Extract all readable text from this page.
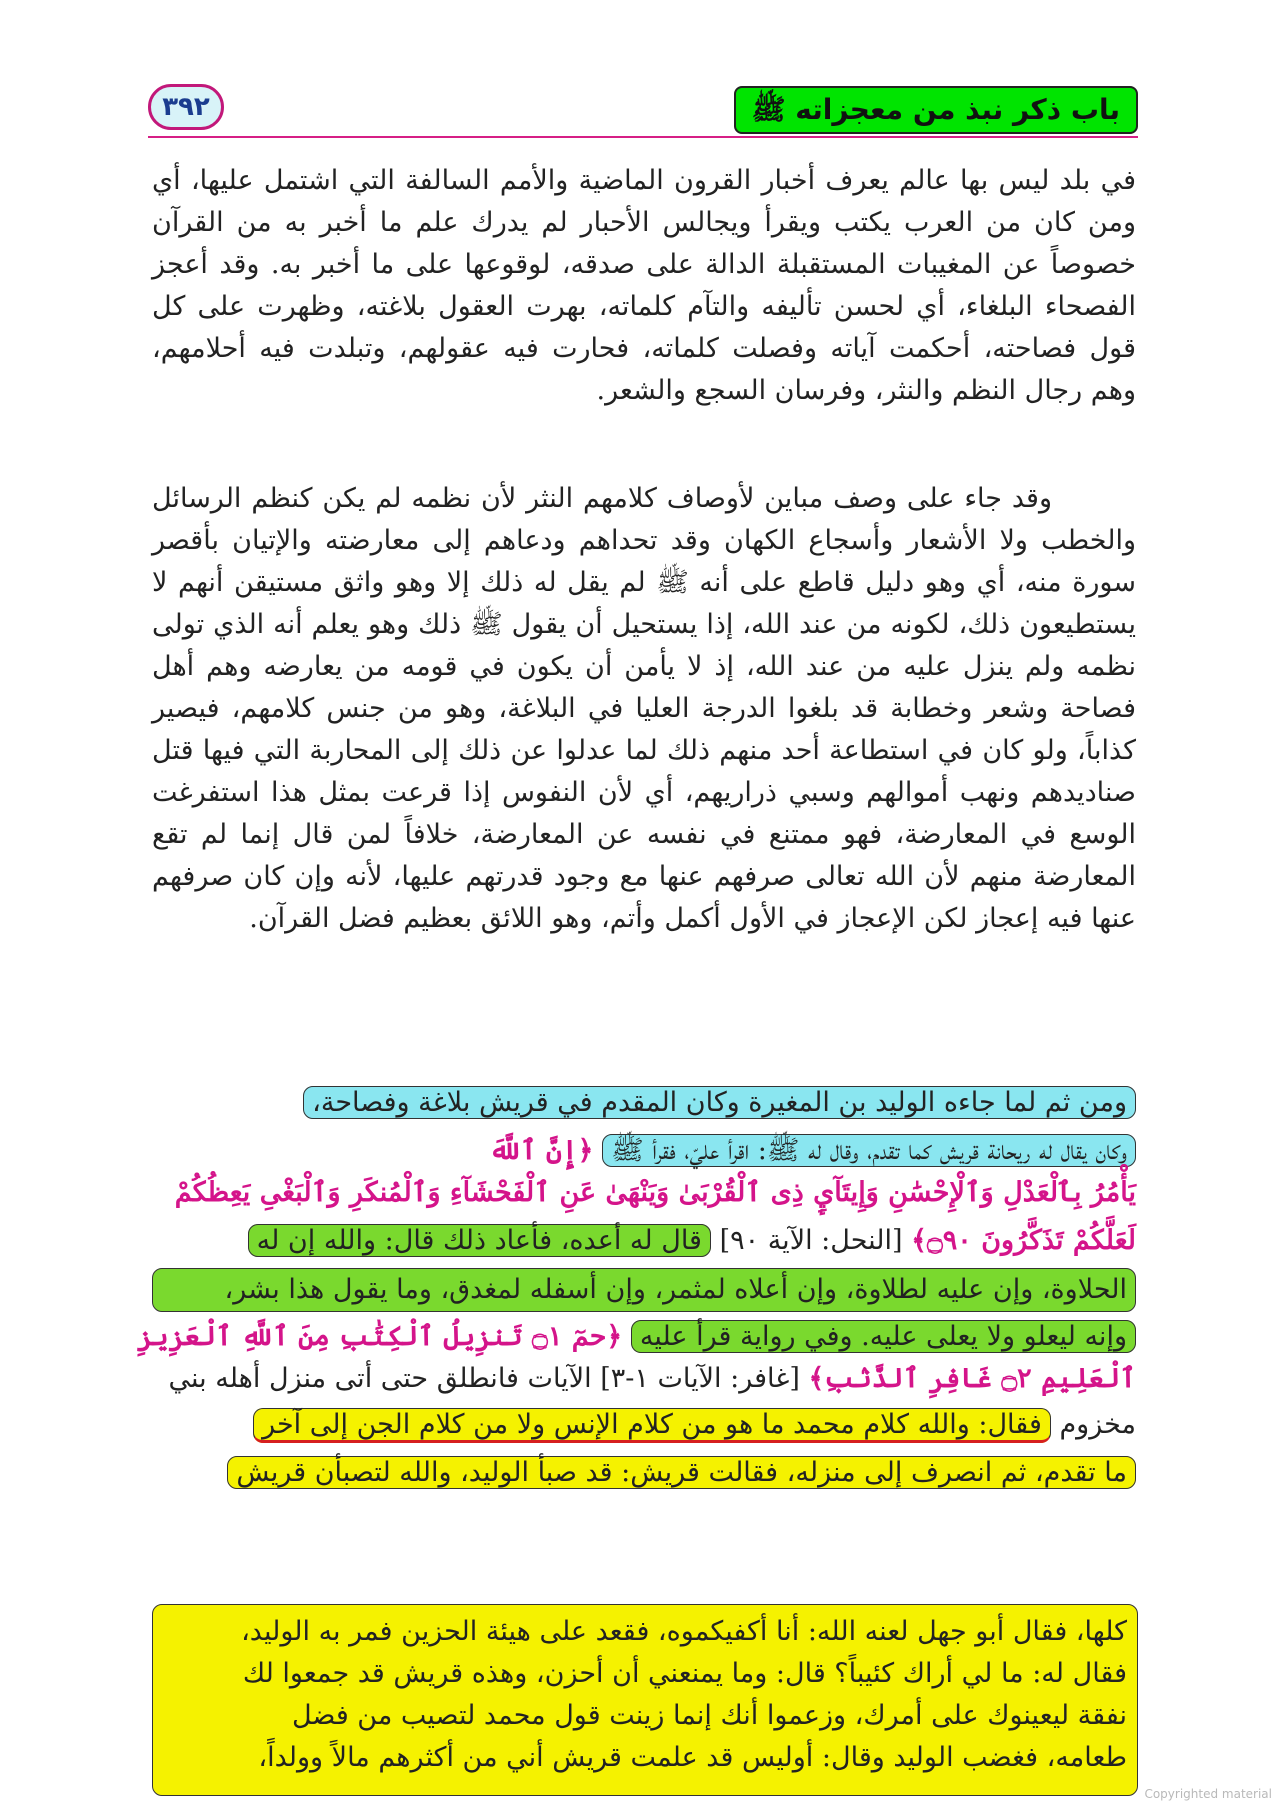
باب ذكر نبذ من معجزاته ﷺ
٣٩٢

في بلد ليس بها عالم يعرف أخبار القرون الماضية والأمم السالفة التي اشتمل عليها، أي ومن كان من العرب يكتب ويقرأ ويجالس الأحبار لم يدرك علم ما أخبر به من القرآن خصوصاً عن المغيبات المستقبلة الدالة على صدقه، لوقوعها على ما أخبر به. وقد أعجز الفصحاء البلغاء، أي لحسن تأليفه والتآم كلماته، بهرت العقول بلاغته، وظهرت على كل قول فصاحته، أحكمت آياته وفصلت كلماته، فحارت فيه عقولهم، وتبلدت فيه أحلامهم، وهم رجال النظم والنثر، وفرسان السجع والشعر.

وقد جاء على وصف مباين لأوصاف كلامهم النثر لأن نظمه لم يكن كنظم الرسائل والخطب ولا الأشعار وأسجاع الكهان وقد تحداهم ودعاهم إلى معارضته والإتيان بأقصر سورة منه، أي وهو دليل قاطع على أنه ﷺ لم يقل له ذلك إلا وهو واثق مستيقن أنهم لا يستطيعون ذلك، لكونه من عند الله، إذا يستحيل أن يقول ﷺ ذلك وهو يعلم أنه الذي تولى نظمه ولم ينزل عليه من عند الله، إذ لا يأمن أن يكون في قومه من يعارضه وهم أهل فصاحة وشعر وخطابة قد بلغوا الدرجة العليا في البلاغة، وهو من جنس كلامهم، فيصير كذاباً، ولو كان في استطاعة أحد منهم ذلك لما عدلوا عن ذلك إلى المحاربة التي فيها قتل صناديدهم ونهب أموالهم وسبي ذراريهم، أي لأن النفوس إذا قرعت بمثل هذا استفرغت الوسع في المعارضة، فهو ممتنع في نفسه عن المعارضة، خلافاً لمن قال إنما لم تقع المعارضة منهم لأن الله تعالى صرفهم عنها مع وجود قدرتهم عليها، لأنه وإن كان صرفهم عنها فيه إعجاز لكن الإعجاز في الأول أكمل وأتم، وهو اللائق بعظيم فضل القرآن.

ومن ثم لما جاءه الوليد بن المغيرة وكان المقدم في قريش بلاغة وفصاحة،
وكان يقال له ريحانة قريش كما تقدم، وقال له ﷺ: اقرأ عليّ، فقرأ ﷺ ﴿إِنَّ ٱللَّهَ
يَأْمُرُ بِٱلْعَدْلِ وَٱلْإِحْسَٰنِ وَإِيتَآيِٕ ذِى ٱلْقُرْبَىٰ وَيَنْهَىٰ عَنِ ٱلْفَحْشَآءِ وَٱلْمُنكَرِ وَٱلْبَغْىِ يَعِظُكُمْ
لَعَلَّكُمْ تَذَكَّرُونَ ۝٩٠﴾ [النحل: الآية ٩٠] قال له أعده، فأعاد ذلك قال: والله إن له
الحلاوة، وإن عليه لطلاوة، وإن أعلاه لمثمر، وإن أسفله لمغدق، وما يقول هذا بشر،
وإنه ليعلو ولا يعلى عليه. وفي رواية قرأ عليه ﴿حمٓ ۝١ تَنزِيلُ ٱلْكِتَٰبِ مِنَ ٱللَّهِ ٱلْعَزِيزِ
ٱلْعَلِيمِ ۝٢ غَافِرِ ٱلذَّنۢبِ﴾ [غافر: الآيات ١-٣] الآيات فانطلق حتى أتى منزل أهله بني
مخزوم فقال: والله كلام محمد ما هو من كلام الإنس ولا من كلام الجن إلى آخر
ما تقدم، ثم انصرف إلى منزله، فقالت قريش: قد صبأ الوليد، والله لتصبأن قريش
كلها، فقال أبو جهل لعنه الله: أنا أكفيكموه، فقعد على هيئة الحزين فمر به الوليد،
فقال له: ما لي أراك كئيباً؟ قال: وما يمنعني أن أحزن، وهذه قريش قد جمعوا لك
نفقة ليعينوك على أمرك، وزعموا أنك إنما زينت قول محمد لتصيب من فضل
طعامه، فغضب الوليد وقال: أوليس قد علمت قريش أني من أكثرهم مالاً وولداً،
Copyrighted material
